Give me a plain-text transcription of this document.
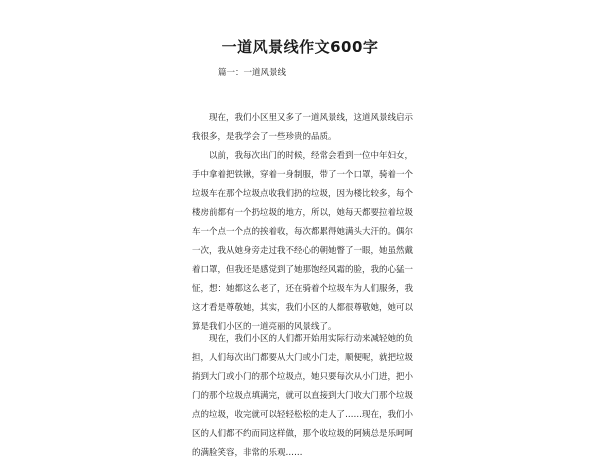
一道风景线作文600字
篇一：一道风景线
现在，我们小区里又多了一道风景线，这道风景线启示
我很多，是我学会了一些珍贵的品质。
以前，我每次出门的时候，经常会看到一位中年妇女，
手中拿着把铁锹，穿着一身制服，带了一个口罩，骑着一个
垃圾车在那个垃圾点收我们扔的垃圾，因为楼比较多，每个
楼房前都有一个扔垃圾的地方，所以，她每天都要拉着垃圾
车一个点一个点的挨着收，每次都累得她满头大汗的。偶尔
一次，我从她身旁走过我不经心的朝她瞥了一眼，她虽然戴
着口罩，但我还是感觉到了她那饱经风霜的脸，我的心猛一
怔，想：她都这么老了，还在骑着个垃圾车为人们服务，我
这才看是尊敬她，其实，我们小区的人都很尊敬她，她可以
算是我们小区的一道亮丽的风景线了。
现在，我们小区的人们都开始用实际行动来减轻她的负
担，人们每次出门都要从大门或小门走，顺便呢，就把垃圾
捎到大门或小门的那个垃圾点，她只要每次从小门进，把小
门的那个垃圾点填满完，就可以直接到大门收大门那个垃圾
点的垃圾，收完就可以轻轻松松的走人了……现在，我们小
区的人们都不约而同这样做，那个收垃圾的阿姨总是乐呵呵
的满脸笑容，非常的乐观……
